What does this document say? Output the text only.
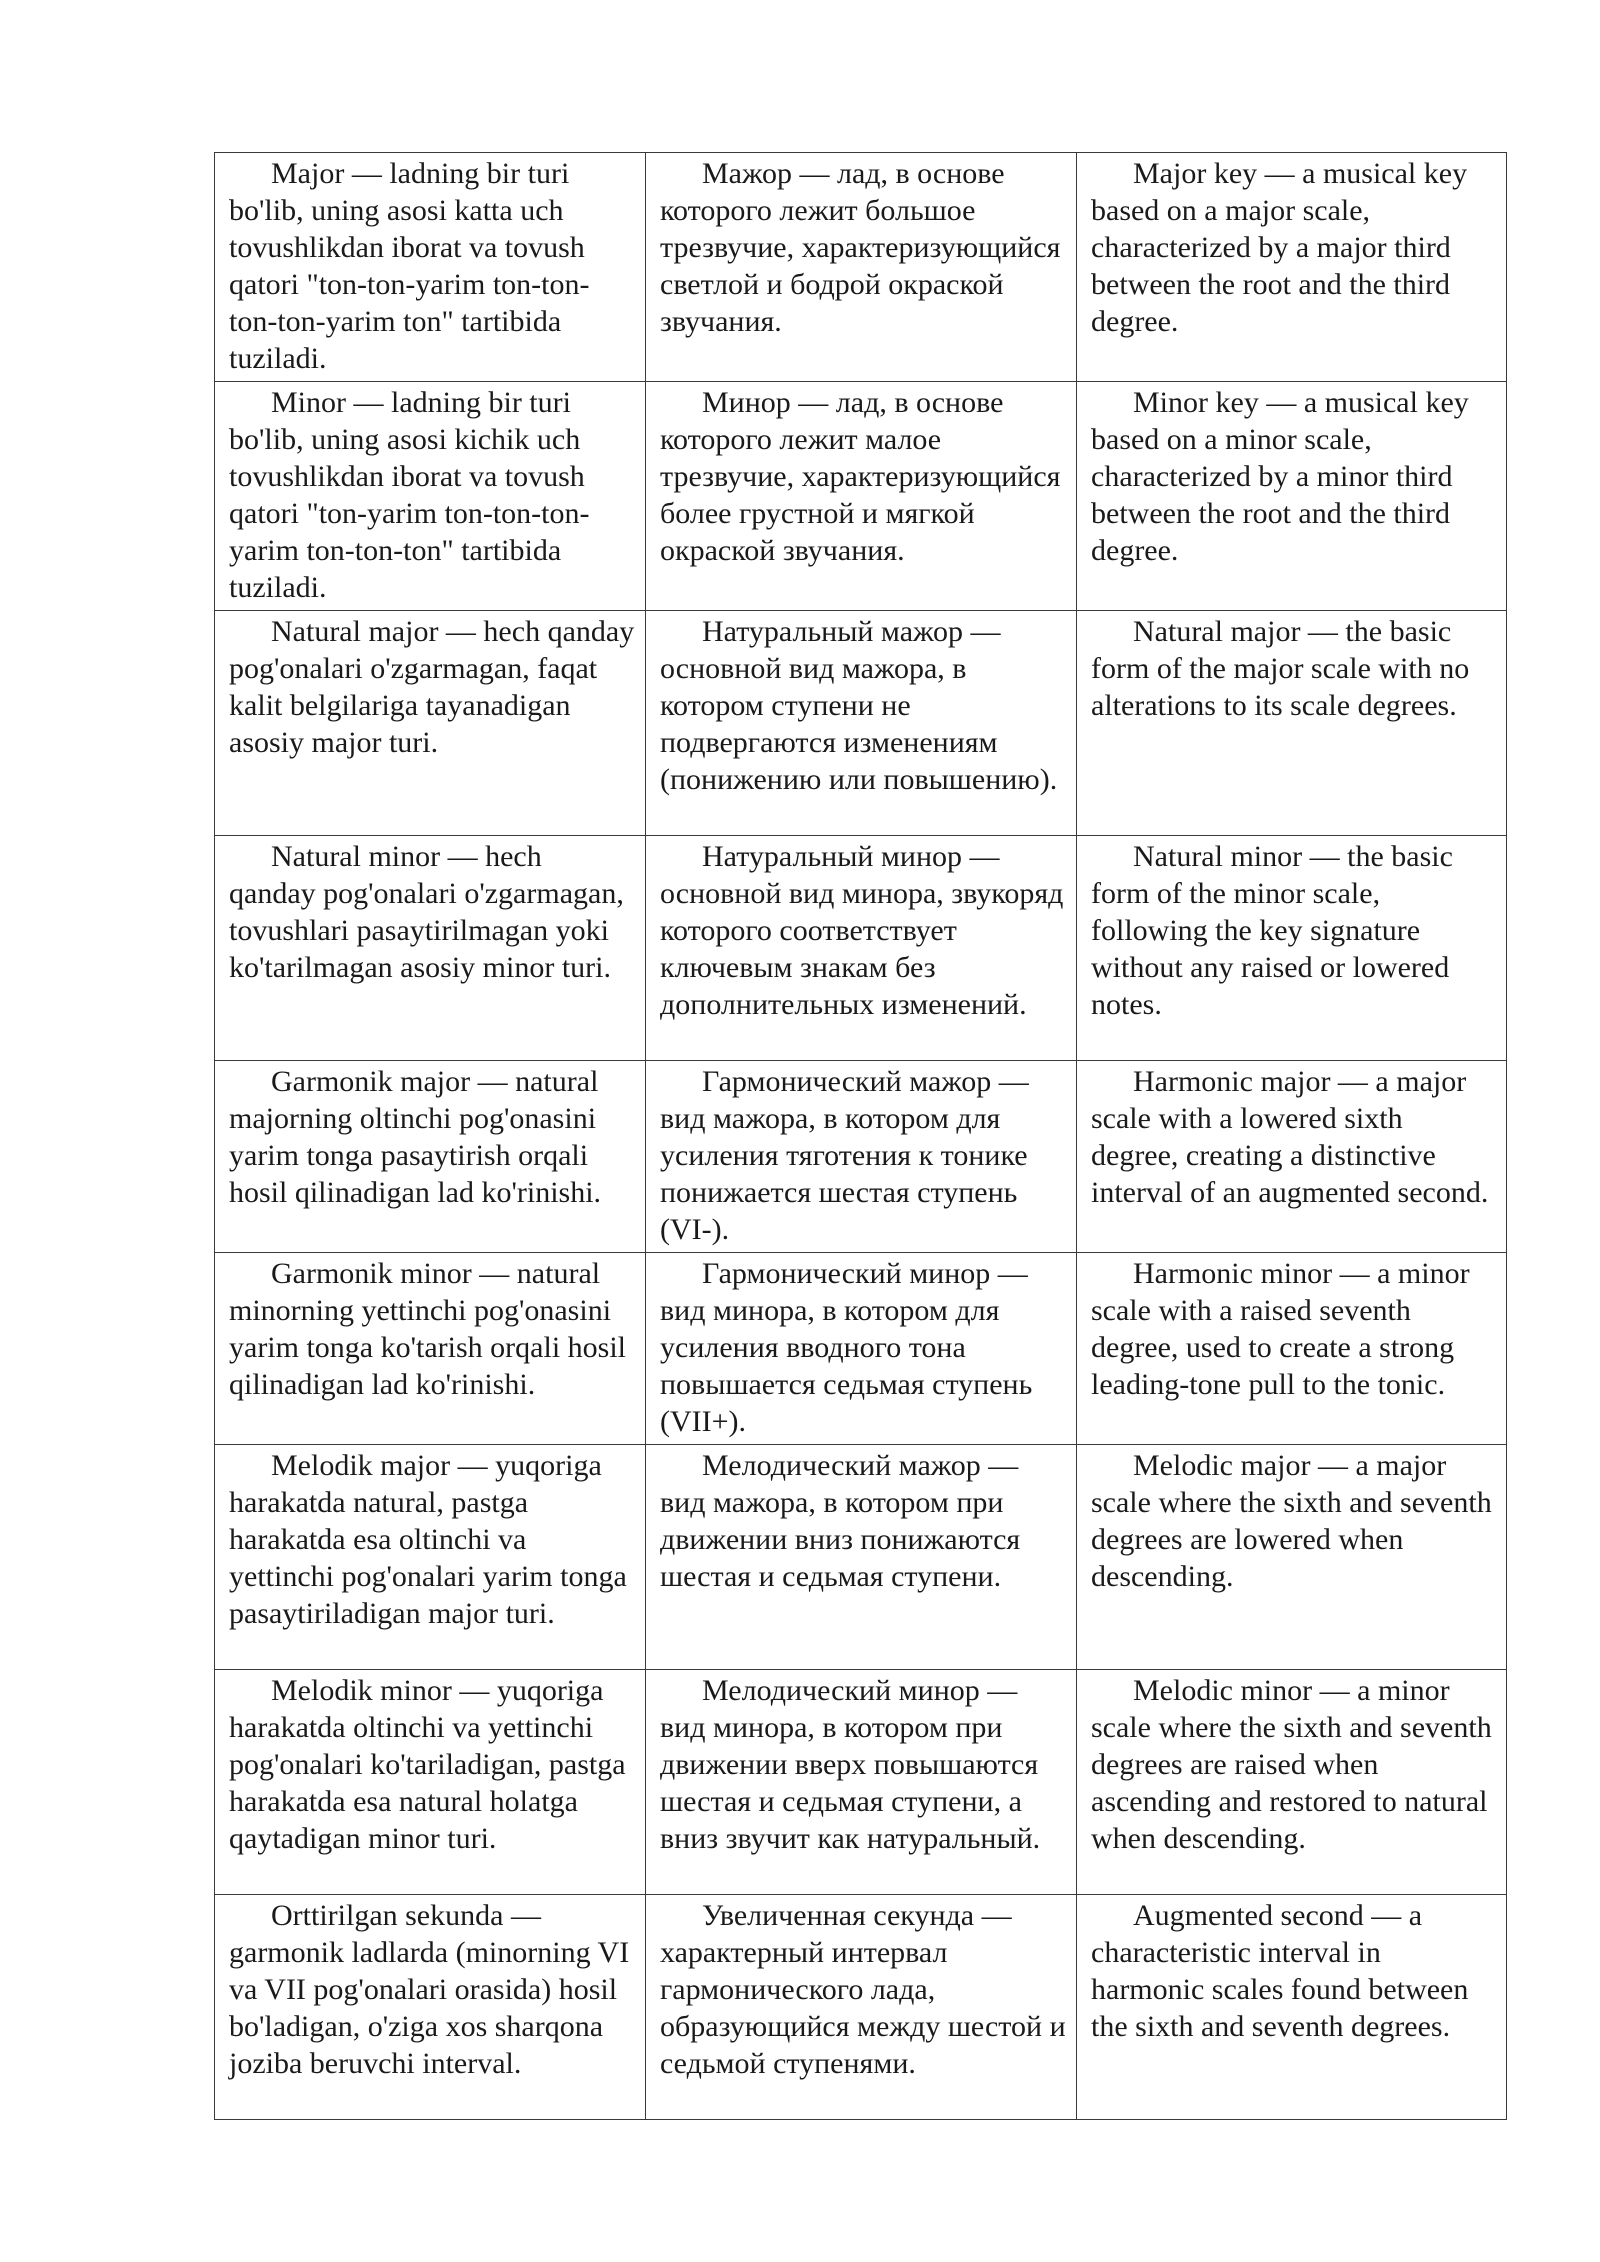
Major — ladning bir turi bo'lib, uning asosi katta uch tovushlikdan iborat va tovush qatori "ton-ton-yarim ton-ton-ton-ton-yarim ton" tartibida tuziladi.	Мажор — лад, в основе которого лежит большое трезвучие, характеризующийся светлой и бодрой окраской звучания.	Major key — a musical key based on a major scale, characterized by a major third between the root and the third degree.

Minor — ladning bir turi bo'lib, uning asosi kichik uch tovushlikdan iborat va tovush qatori "ton-yarim ton-ton-ton-yarim ton-ton-ton" tartibida tuziladi.	Минор — лад, в основе которого лежит малое трезвучие, характеризующийся более грустной и мягкой окраской звучания.	Minor key — a musical key based on a minor scale, characterized by a minor third between the root and the third degree.

Natural major — hech qanday pog'onalari o'zgarmagan, faqat kalit belgilariga tayanadigan asosiy major turi.	Натуральный мажор — основной вид мажора, в котором ступени не подвергаются изменениям (понижению или повышению).	Natural major — the basic form of the major scale with no alterations to its scale degrees.

Natural minor — hech qanday pog'onalari o'zgarmagan, tovushlari pasaytirilmagan yoki ko'tarilmagan asosiy minor turi.	Натуральный минор — основной вид минора, звукоряд которого соответствует ключевым знакам без дополнительных изменений.	Natural minor — the basic form of the minor scale, following the key signature without any raised or lowered notes.

Garmonik major — natural majorning oltinchi pog'onasini yarim tonga pasaytirish orqali hosil qilinadigan lad ko'rinishi.	Гармонический мажор — вид мажора, в котором для усиления тяготения к тонике понижается шестая ступень (VI-).	Harmonic major — a major scale with a lowered sixth degree, creating a distinctive interval of an augmented second.

Garmonik minor — natural minorning yettinchi pog'onasini yarim tonga ko'tarish orqali hosil qilinadigan lad ko'rinishi.	Гармонический минор — вид минора, в котором для усиления вводного тона повышается седьмая ступень (VII+).	Harmonic minor — a minor scale with a raised seventh degree, used to create a strong leading-tone pull to the tonic.

Melodik major — yuqoriga harakatda natural, pastga harakatda esa oltinchi va yettinchi pog'onalari yarim tonga pasaytiriladigan major turi.	Мелодический мажор — вид мажора, в котором при движении вниз понижаются шестая и седьмая ступени.	Melodic major — a major scale where the sixth and seventh degrees are lowered when descending.

Melodik minor — yuqoriga harakatda oltinchi va yettinchi pog'onalari ko'tariladigan, pastga harakatda esa natural holatga qaytadigan minor turi.	Мелодический минор — вид минора, в котором при движении вверх повышаются шестая и седьмая ступени, а вниз звучит как натуральный.	Melodic minor — a minor scale where the sixth and seventh degrees are raised when ascending and restored to natural when descending.

Orttirilgan sekunda — garmonik ladlarda (minorning VI va VII pog'onalari orasida) hosil bo'ladigan, o'ziga xos sharqona joziba beruvchi interval.	Увеличенная секунда — характерный интервал гармонического лада, образующийся между шестой и седьмой ступенями.	Augmented second — a characteristic interval in harmonic scales found between the sixth and seventh degrees.
